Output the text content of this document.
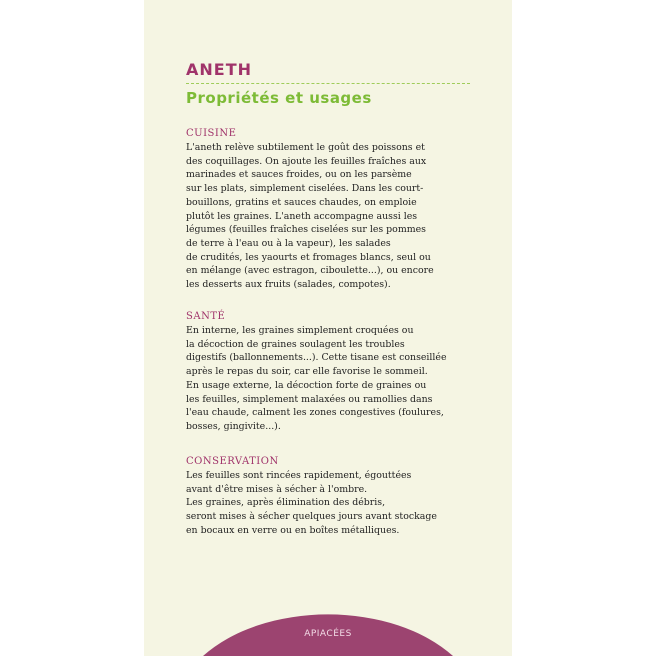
ANETH
Propriétés et usages
CUISINE
L'aneth relève subtilement le goût des poissons et
des coquillages. On ajoute les feuilles fraîches aux
marinades et sauces froides, ou on les parsème
sur les plats, simplement ciselées. Dans les court-
bouillons, gratins et sauces chaudes, on emploie
plutôt les graines. L'aneth accompagne aussi les
légumes (feuilles fraîches ciselées sur les pommes
de terre à l'eau ou à la vapeur), les salades
de crudités, les yaourts et fromages blancs, seul ou
en mélange (avec estragon, ciboulette...), ou encore
les desserts aux fruits (salades, compotes).
SANTÉ
En interne, les graines simplement croquées ou
la décoction de graines soulagent les troubles
digestifs (ballonnements...). Cette tisane est conseillée
après le repas du soir, car elle favorise le sommeil.
En usage externe, la décoction forte de graines ou
les feuilles, simplement malaxées ou ramollies dans
l'eau chaude, calment les zones congestives (foulures,
bosses, gingivite...).
CONSERVATION
Les feuilles sont rincées rapidement, égouttées
avant d'être mises à sécher à l'ombre.
Les graines, après élimination des débris,
seront mises à sécher quelques jours avant stockage
en bocaux en verre ou en boîtes métalliques.
APIACÉES
